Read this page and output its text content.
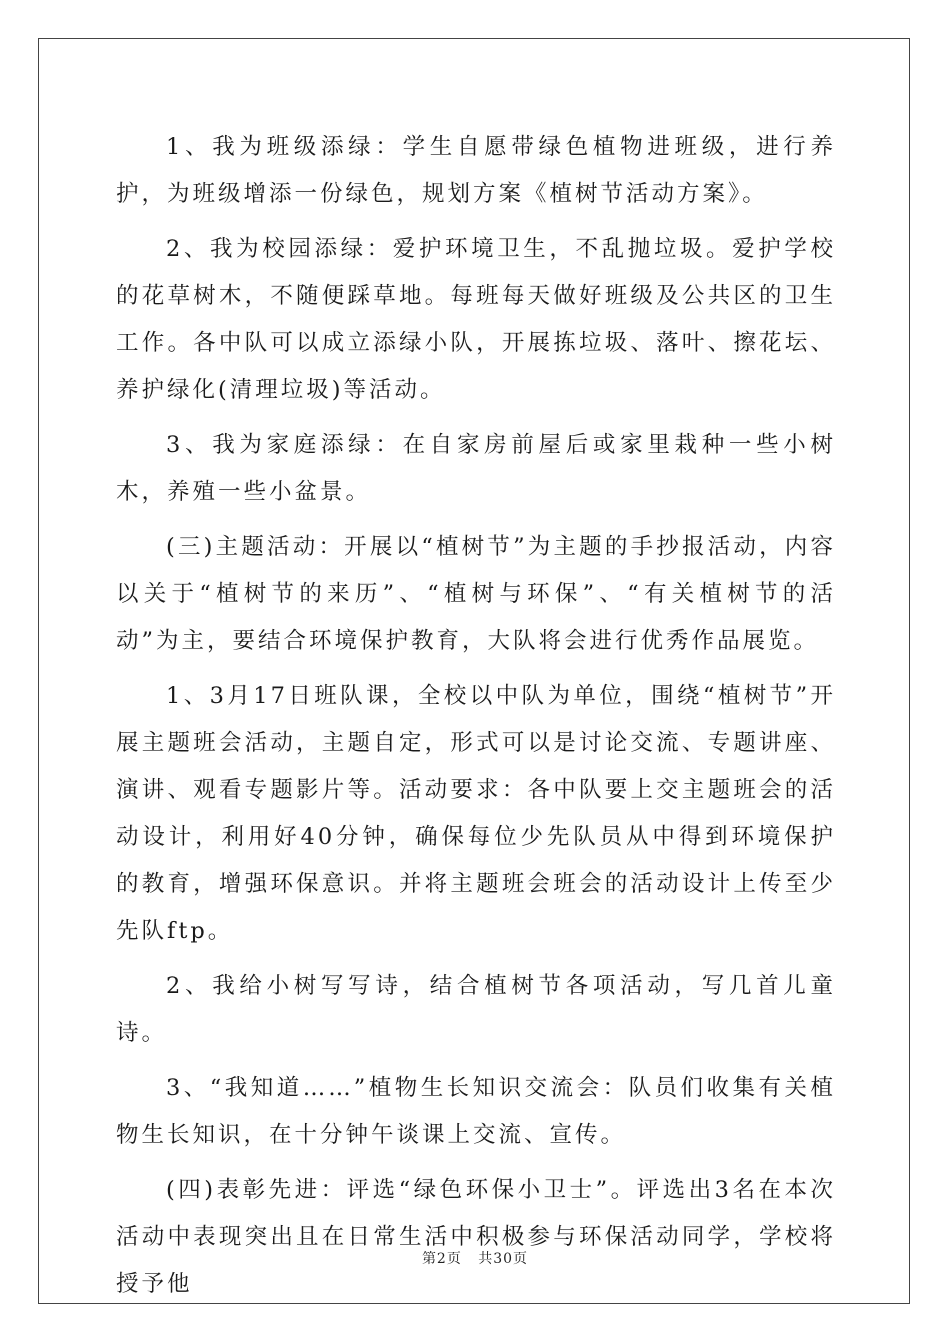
1、我为班级添绿：学生自愿带绿色植物进班级，进行养护，为班级增添一份绿色，规划方案《植树节活动方案》。

2、我为校园添绿：爱护环境卫生，不乱抛垃圾。爱护学校的花草树木，不随便踩草地。每班每天做好班级及公共区的卫生工作。各中队可以成立添绿小队，开展拣垃圾、落叶、擦花坛、养护绿化(清理垃圾)等活动。

3、我为家庭添绿：在自家房前屋后或家里栽种一些小树木，养殖一些小盆景。

(三)主题活动：开展以“植树节”为主题的手抄报活动，内容以关于“植树节的来历”、“植树与环保”、“有关植树节的活动”为主，要结合环境保护教育，大队将会进行优秀作品展览。

1、3月17日班队课，全校以中队为单位，围绕“植树节”开展主题班会活动，主题自定，形式可以是讨论交流、专题讲座、演讲、观看专题影片等。活动要求：各中队要上交主题班会的活动设计，利用好40分钟，确保每位少先队员从中得到环境保护的教育，增强环保意识。并将主题班会班会的活动设计上传至少先队ftp。

2、我给小树写写诗，结合植树节各项活动，写几首儿童诗。

3、“我知道……”植物生长知识交流会：队员们收集有关植物生长知识，在十分钟午谈课上交流、宣传。

(四)表彰先进：评选“绿色环保小卫士”。评选出3名在本次活动中表现突出且在日常生活中积极参与环保活动同学，学校将授予他

第2页 共30页
